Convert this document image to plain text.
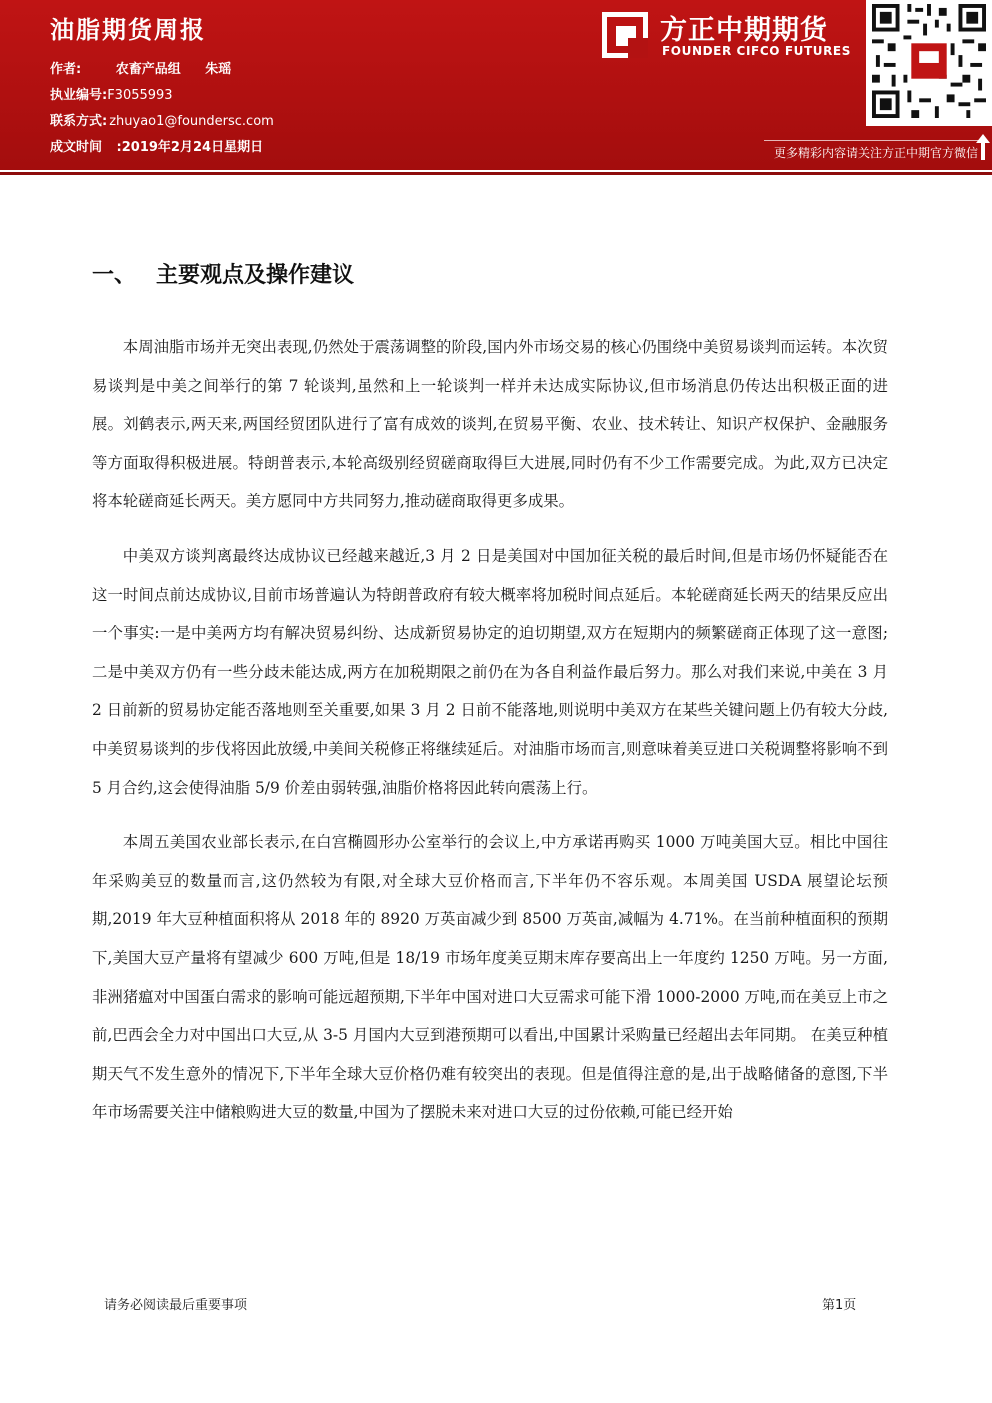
油脂期货周报
作者:	农畜产品组 朱瑶
执业编号:F3055993
联系方式: zhuyao1@foundersc.com
成文时间 :2019年2月24日星期日
方正中期期货
FOUNDER CIFCO FUTURES
更多精彩内容请关注方正中期官方微信
一、 主要观点及操作建议

本周油脂市场并无突出表现,仍然处于震荡调整的阶段,国内外市场交易的核心仍围绕中美贸易谈判而运转。本次贸易谈判是中美之间举行的第 7 轮谈判,虽然和上一轮谈判一样并未达成实际协议,但市场消息仍传达出积极正面的进展。刘鹤表示,两天来,两国经贸团队进行了富有成效的谈判,在贸易平衡、农业、技术转让、知识产权保护、金融服务等方面取得积极进展。特朗普表示,本轮高级别经贸磋商取得巨大进展,同时仍有不少工作需要完成。为此,双方已决定将本轮磋商延长两天。美方愿同中方共同努力,推动磋商取得更多成果。

中美双方谈判离最终达成协议已经越来越近,3 月 2 日是美国对中国加征关税的最后时间,但是市场仍怀疑能否在这一时间点前达成协议,目前市场普遍认为特朗普政府有较大概率将加税时间点延后。本轮磋商延长两天的结果反应出一个事实:一是中美两方均有解决贸易纠纷、达成新贸易协定的迫切期望,双方在短期内的频繁磋商正体现了这一意图;二是中美双方仍有一些分歧未能达成,两方在加税期限之前仍在为各自利益作最后努力。那么对我们来说,中美在 3 月 2 日前新的贸易协定能否落地则至关重要,如果 3 月 2 日前不能落地,则说明中美双方在某些关键问题上仍有较大分歧,中美贸易谈判的步伐将因此放缓,中美间关税修正将继续延后。对油脂市场而言,则意味着美豆进口关税调整将影响不到 5 月合约,这会使得油脂 5/9 价差由弱转强,油脂价格将因此转向震荡上行。

本周五美国农业部长表示,在白宫椭圆形办公室举行的会议上,中方承诺再购买 1000 万吨美国大豆。相比中国往年采购美豆的数量而言,这仍然较为有限,对全球大豆价格而言,下半年仍不容乐观。本周美国 USDA 展望论坛预期,2019 年大豆种植面积将从 2018 年的 8920 万英亩减少到 8500 万英亩,减幅为 4.71%。在当前种植面积的预期下,美国大豆产量将有望减少 600 万吨,但是 18/19 市场年度美豆期末库存要高出上一年度约 1250 万吨。另一方面,非洲猪瘟对中国蛋白需求的影响可能远超预期,下半年中国对进口大豆需求可能下滑 1000-2000 万吨,而在美豆上市之前,巴西会全力对中国出口大豆,从 3-5 月国内大豆到港预期可以看出,中国累计采购量已经超出去年同期。 在美豆种植期天气不发生意外的情况下,下半年全球大豆价格仍难有较突出的表现。但是值得注意的是,出于战略储备的意图,下半年市场需要关注中储粮购进大豆的数量,中国为了摆脱未来对进口大豆的过份依赖,可能已经开始

请务必阅读最后重要事项	第1页
